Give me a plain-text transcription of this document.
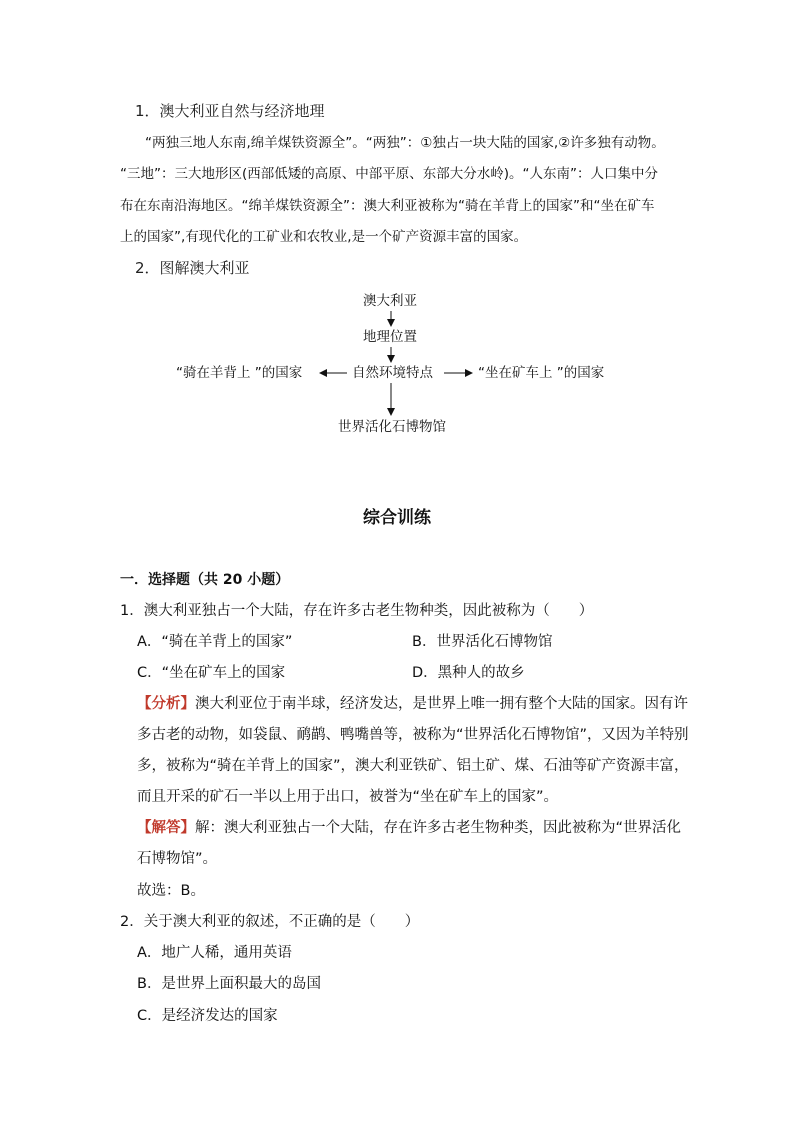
1．澳大利亚自然与经济地理
“两独三地人东南,绵羊煤铁资源全”。“两独”：①独占一块大陆的国家,②许多独有动物。
“三地”：三大地形区(西部低矮的高原、中部平原、东部大分水岭)。“人东南”：人口集中分
布在东南沿海地区。“绵羊煤铁资源全”：澳大利亚被称为“骑在羊背上的国家”和“坐在矿车
上的国家”,有现代化的工矿业和农牧业,是一个矿产资源丰富的国家。
2．图解澳大利亚
澳大利亚
地理位置
自然环境特点
“骑在羊背上 ”的国家	“坐在矿车上 ”的国家
世界活化石博物馆
综合训练
一．选择题（共 20 小题）
1．澳大利亚独占一个大陆，存在许多古老生物种类，因此被称为（　　）
A．“骑在羊背上的国家”	B．世界活化石博物馆
C．“坐在矿车上的国家	D．黑种人的故乡
【分析】澳大利亚位于南半球，经济发达，是世界上唯一拥有整个大陆的国家。因有许
多古老的动物，如袋鼠、鸸鹋、鸭嘴兽等，被称为“世界活化石博物馆”，又因为羊特别
多，被称为“骑在羊背上的国家”，澳大利亚铁矿、铝土矿、煤、石油等矿产资源丰富，
而且开采的矿石一半以上用于出口，被誉为“坐在矿车上的国家”。
【解答】解：澳大利亚独占一个大陆，存在许多古老生物种类，因此被称为“世界活化
石博物馆”。
故选：B。
2．关于澳大利亚的叙述，不正确的是（　　）
A．地广人稀，通用英语
B．是世界上面积最大的岛国
C．是经济发达的国家
